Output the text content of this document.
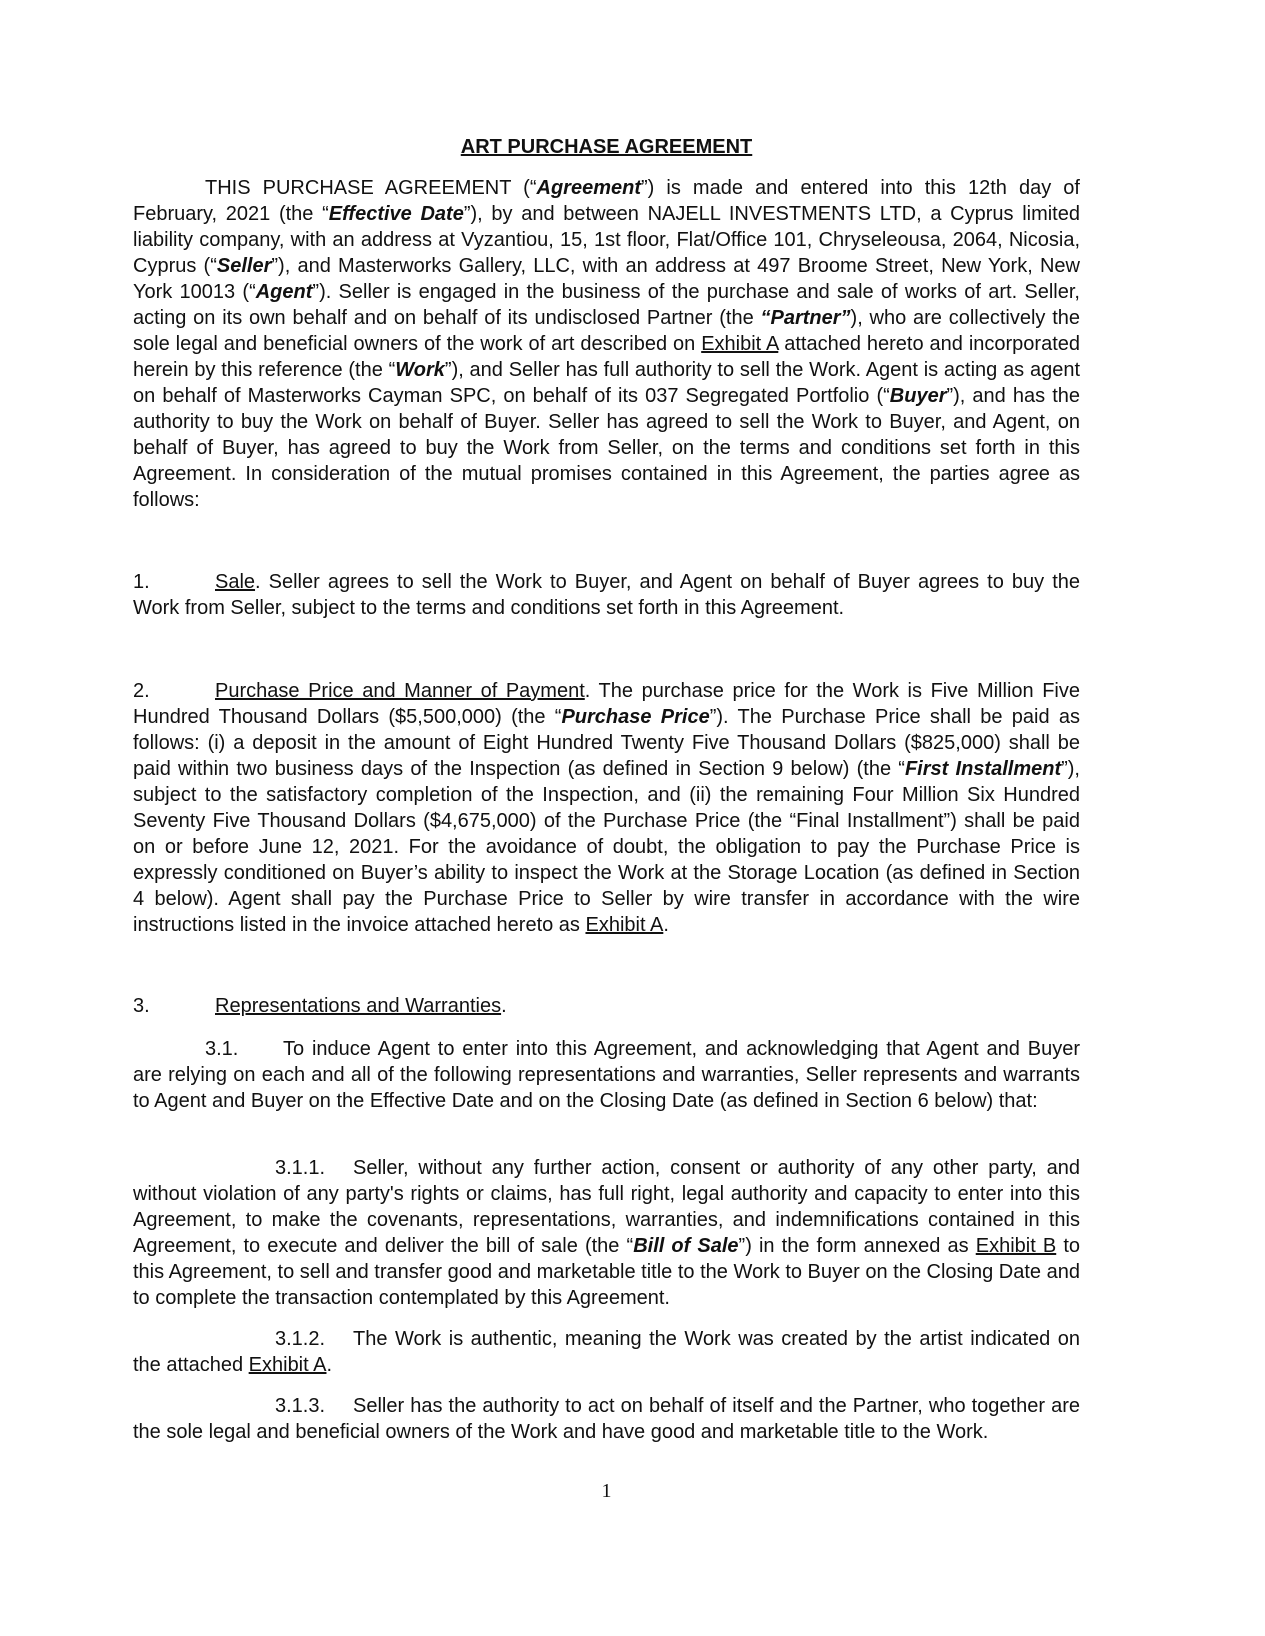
ART PURCHASE AGREEMENT

THIS PURCHASE AGREEMENT (“Agreement”) is made and entered into this 12th day of February, 2021 (the “Effective Date”), by and between NAJELL INVESTMENTS LTD, a Cyprus limited liability company, with an address at Vyzantiou, 15, 1st floor, Flat/Office 101, Chryseleousa, 2064, Nicosia, Cyprus (“Seller”), and Masterworks Gallery, LLC, with an address at 497 Broome Street, New York, New York 10013 (“Agent”). Seller is engaged in the business of the purchase and sale of works of art. Seller, acting on its own behalf and on behalf of its undisclosed Partner (the “Partner”), who are collectively the sole legal and beneficial owners of the work of art described on Exhibit A attached hereto and incorporated herein by this reference (the “Work”), and Seller has full authority to sell the Work. Agent is acting as agent on behalf of Masterworks Cayman SPC, on behalf of its 037 Segregated Portfolio (“Buyer”), and has the authority to buy the Work on behalf of Buyer. Seller has agreed to sell the Work to Buyer, and Agent, on behalf of Buyer, has agreed to buy the Work from Seller, on the terms and conditions set forth in this Agreement. In consideration of the mutual promises contained in this Agreement, the parties agree as follows:

1.	Sale. Seller agrees to sell the Work to Buyer, and Agent on behalf of Buyer agrees to buy the Work from Seller, subject to the terms and conditions set forth in this Agreement.

2.	Purchase Price and Manner of Payment. The purchase price for the Work is Five Million Five Hundred Thousand Dollars ($5,500,000) (the “Purchase Price”). The Purchase Price shall be paid as follows: (i) a deposit in the amount of Eight Hundred Twenty Five Thousand Dollars ($825,000) shall be paid within two business days of the Inspection (as defined in Section 9 below) (the “First Installment”), subject to the satisfactory completion of the Inspection, and (ii) the remaining Four Million Six Hundred Seventy Five Thousand Dollars ($4,675,000) of the Purchase Price (the “Final Installment”) shall be paid on or before June 12, 2021. For the avoidance of doubt, the obligation to pay the Purchase Price is expressly conditioned on Buyer’s ability to inspect the Work at the Storage Location (as defined in Section 4 below). Agent shall pay the Purchase Price to Seller by wire transfer in accordance with the wire instructions listed in the invoice attached hereto as Exhibit A.

3.	Representations and Warranties.

3.1. To induce Agent to enter into this Agreement, and acknowledging that Agent and Buyer are relying on each and all of the following representations and warranties, Seller represents and warrants to Agent and Buyer on the Effective Date and on the Closing Date (as defined in Section 6 below) that:

3.1.1. Seller, without any further action, consent or authority of any other party, and without violation of any party's rights or claims, has full right, legal authority and capacity to enter into this Agreement, to make the covenants, representations, warranties, and indemnifications contained in this Agreement, to execute and deliver the bill of sale (the “Bill of Sale”) in the form annexed as Exhibit B to this Agreement, to sell and transfer good and marketable title to the Work to Buyer on the Closing Date and to complete the transaction contemplated by this Agreement.

3.1.2. The Work is authentic, meaning the Work was created by the artist indicated on the attached Exhibit A.

3.1.3. Seller has the authority to act on behalf of itself and the Partner, who together are the sole legal and beneficial owners of the Work and have good and marketable title to the Work.

1
